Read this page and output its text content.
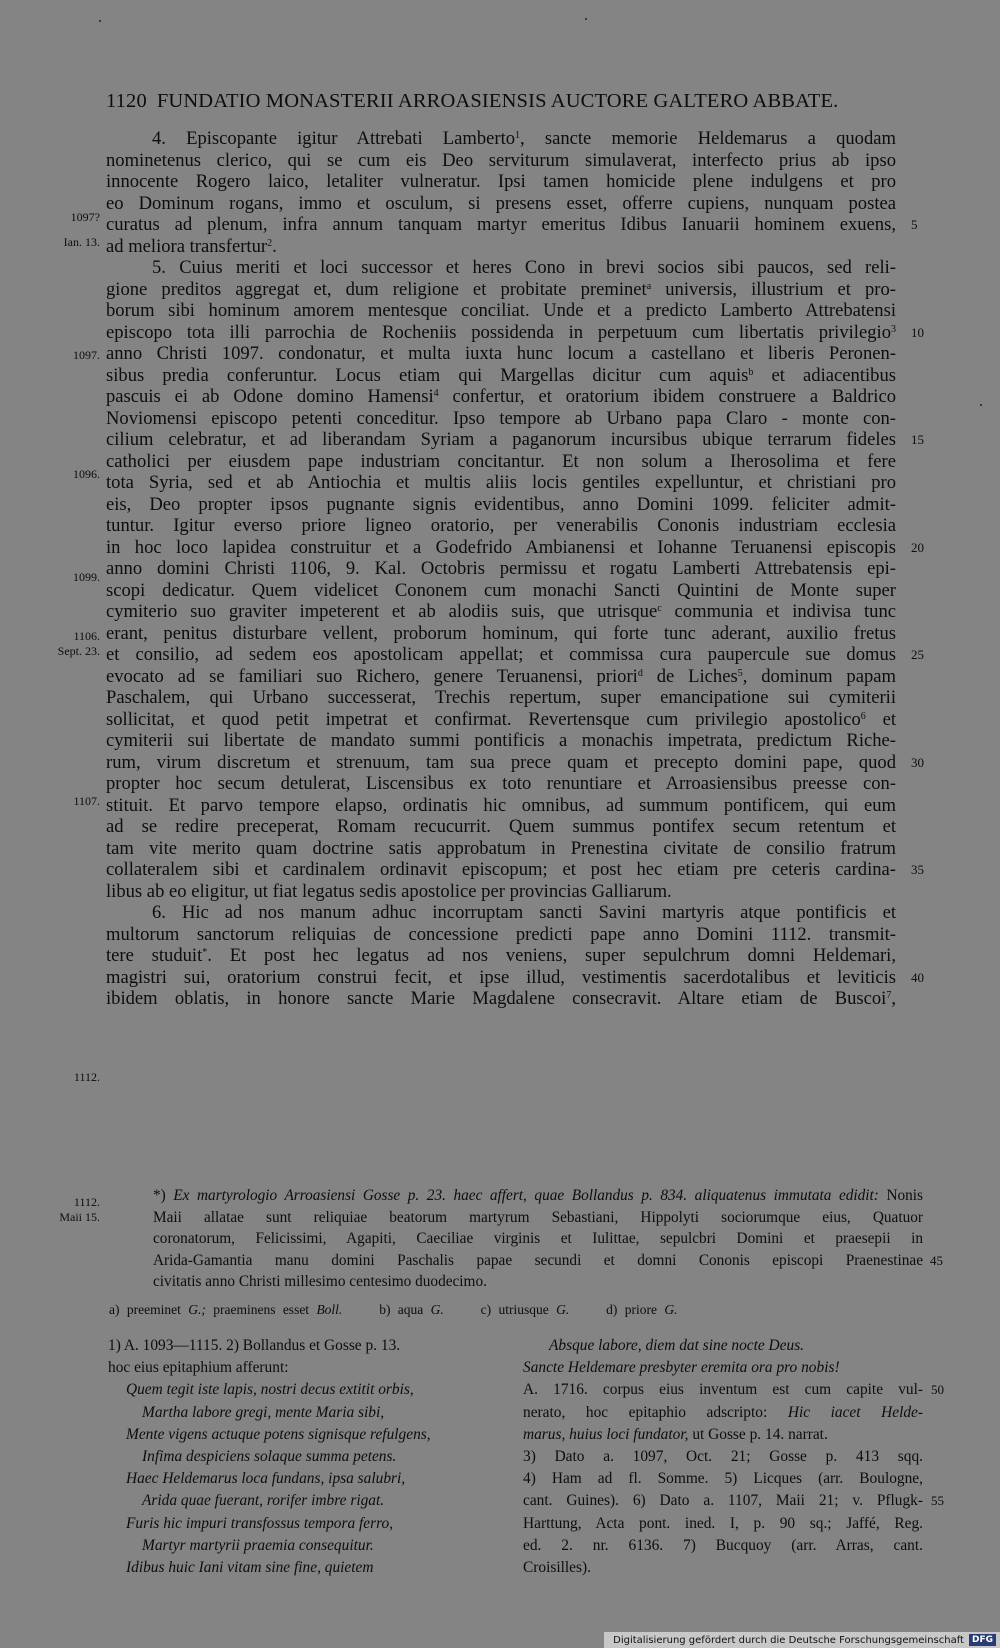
1120 FUNDATIO MONASTERII ARROASIENSIS AUCTORE GALTERO ABBATE.
1097?
Ian. 13.
1097.
1096.
1099.
1106.
Sept. 23.
1107.
1112.
1112.
Maii 15.
4. Episcopante igitur Attrebati Lamberto$^1$, sancte memorie Heldemarus a quodam
nominetenus clerico, qui se cum eis Deo serviturum simulaverat, interfecto prius ab ipso
innocente Rogero laico, letaliter vulneratur. Ipsi tamen homicide plene indulgens et pro
eo Dominum rogans, immo et osculum, si presens esset, offerre cupiens, nunquam postea
curatus ad plenum, infra annum tanquam martyr emeritus Idibus Ianuarii hominem exuens, 5
ad meliora transfertur$^2$.
5. Cuius meriti et loci successor et heres Cono in brevi socios sibi paucos, sed reli-
gione preditos aggregat et, dum religione et probitate preminet$^a$ universis, illustrium et pro-
borum sibi hominum amorem mentesque conciliat. Unde et a predicto Lamberto Attrebatensi
episcopo tota illi parrochia de Rocheniis possidenda in perpetuum cum libertatis privilegio$^3$ 10
anno Christi 1097. condonatur, et multa iuxta hunc locum a castellano et liberis Peronen-
sibus predia conferuntur. Locus etiam qui Margellas dicitur cum aquis$^b$ et adiacentibus
pascuis ei ab Odone domino Hamensi$^4$ confertur, et oratorium ibidem construere a Baldrico
Noviomensi episcopo petenti conceditur. Ipso tempore ab Urbano papa Claro - monte con-
cilium celebratur, et ad liberandam Syriam a paganorum incursibus ubique terrarum fideles 15
catholici per eiusdem pape industriam concitantur. Et non solum a Iherosolima et fere
tota Syria, sed et ab Antiochia et multis aliis locis gentiles expelluntur, et christiani pro
eis, Deo propter ipsos pugnante signis evidentibus, anno Domini 1099. feliciter admit-
tuntur. Igitur everso priore ligneo oratorio, per venerabilis Cononis industriam ecclesia
in hoc loco lapidea construitur et a Godefrido Ambianensi et Iohanne Teruanensi episcopis 20
anno domini Christi 1106, 9. Kal. Octobris permissu et rogatu Lamberti Attrebatensis epi-
scopi dedicatur. Quem videlicet Cononem cum monachi Sancti Quintini de Monte super
cymiterio suo graviter impeterent et ab alodiis suis, que utrisque$^c$ communia et indivisa tunc
erant, penitus disturbare vellent, proborum hominum, qui forte tunc aderant, auxilio fretus
et consilio, ad sedem eos apostolicam appellat; et commissa cura paupercule sue domus 25
evocato ad se familiari suo Richero, genere Teruanensi, priori$^d$ de Liches$^5$, dominum papam
Paschalem, qui Urbano successerat, Trechis repertum, super emancipatione sui cymiterii
sollicitat, et quod petit impetrat et confirmat. Revertensque cum privilegio apostolico$^6$ et
cymiterii sui libertate de mandato summi pontificis a monachis impetrata, predictum Riche-
rum, virum discretum et strenuum, tam sua prece quam et precepto domini pape, quod 30
propter hoc secum detulerat, Liscensibus ex toto renuntiare et Arroasiensibus preesse con-
stituit. Et parvo tempore elapso, ordinatis hic omnibus, ad summum pontificem, qui eum
ad se redire preceperat, Romam recucurrit. Quem summus pontifex secum retentum et
tam vite merito quam doctrine satis approbatum in Prenestina civitate de consilio fratrum
collateralem sibi et cardinalem ordinavit episcopum; et post hec etiam pre ceteris cardina- 35
libus ab eo eligitur, ut fiat legatus sedis apostolice per provincias Galliarum.
6. Hic ad nos manum adhuc incorruptam sancti Savini martyris atque pontificis et
multorum sanctorum reliquias de concessione predicti pape anno Domini 1112. transmit-
tere studuit*. Et post hec legatus ad nos veniens, super sepulchrum domni Heldemari,
magistri sui, oratorium construi fecit, et ipse illud, vestimentis sacerdotalibus et leviticis 40
ibidem oblatis, in honore sancte Marie Magdalene consecravit. Altare etiam de Buscoi$^7$,
*) Ex martyrologio Arroasiensi Gosse p. 23. haec affert, quae Bollandus p. 834. aliquatenus immutata edidit: Nonis
Maii allatae sunt reliquiae beatorum martyrum Sebastiani, Hippolyti sociorumque eius, Quatuor
coronatorum, Felicissimi, Agapiti, Caeciliae virginis et Iulittae, sepulcbri Domini et praesepii in
Arida-Gamantia manu domini Paschalis papae secundi et domni Cononis episcopi Praenestinae 45
civitatis anno Christi millesimo centesimo duodecimo.
a) preeminet G.; praeminens esset Boll.	b) aqua G.	c) utriusque G.	d) priore G.
1) A. 1093—1115. 2) Bollandus et Gosse p. 13.
hoc eius epitaphium afferunt:
Quem tegit iste lapis, nostri decus extitit orbis,
Martha labore gregi, mente Maria sibi,
Mente vigens actuque potens signisque refulgens,
Infima despiciens solaque summa petens.
Haec Heldemarus loca fundans, ipsa salubri,
Arida quae fuerant, rorifer imbre rigat.
Furis hic impuri transfossus tempora ferro,
Martyr martyrii praemia consequitur.
Idibus huic Iani vitam sine fine, quietem
Absque labore, diem dat sine nocte Deus.
Sancte Heldemare presbyter eremita ora pro nobis!
A. 1716. corpus eius inventum est cum capite vul- 50
nerato, hoc epitaphio adscripto: Hic iacet Helde-
marus, huius loci fundator, ut Gosse p. 14. narrat.
3) Dato a. 1097, Oct. 21; Gosse p. 413 sqq.
4) Ham ad fl. Somme. 5) Licques (arr. Boulogne,
cant. Guines). 6) Dato a. 1107, Maii 21; v. Pflugk- 55
Harttung, Acta pont. ined. I, p. 90 sq.; Jaffé, Reg.
ed. 2. nr. 6136. 7) Bucquoy (arr. Arras, cant.
Croisilles).
Digitalisierung gefördert durch die Deutsche Forschungsgemeinschaft DFG
